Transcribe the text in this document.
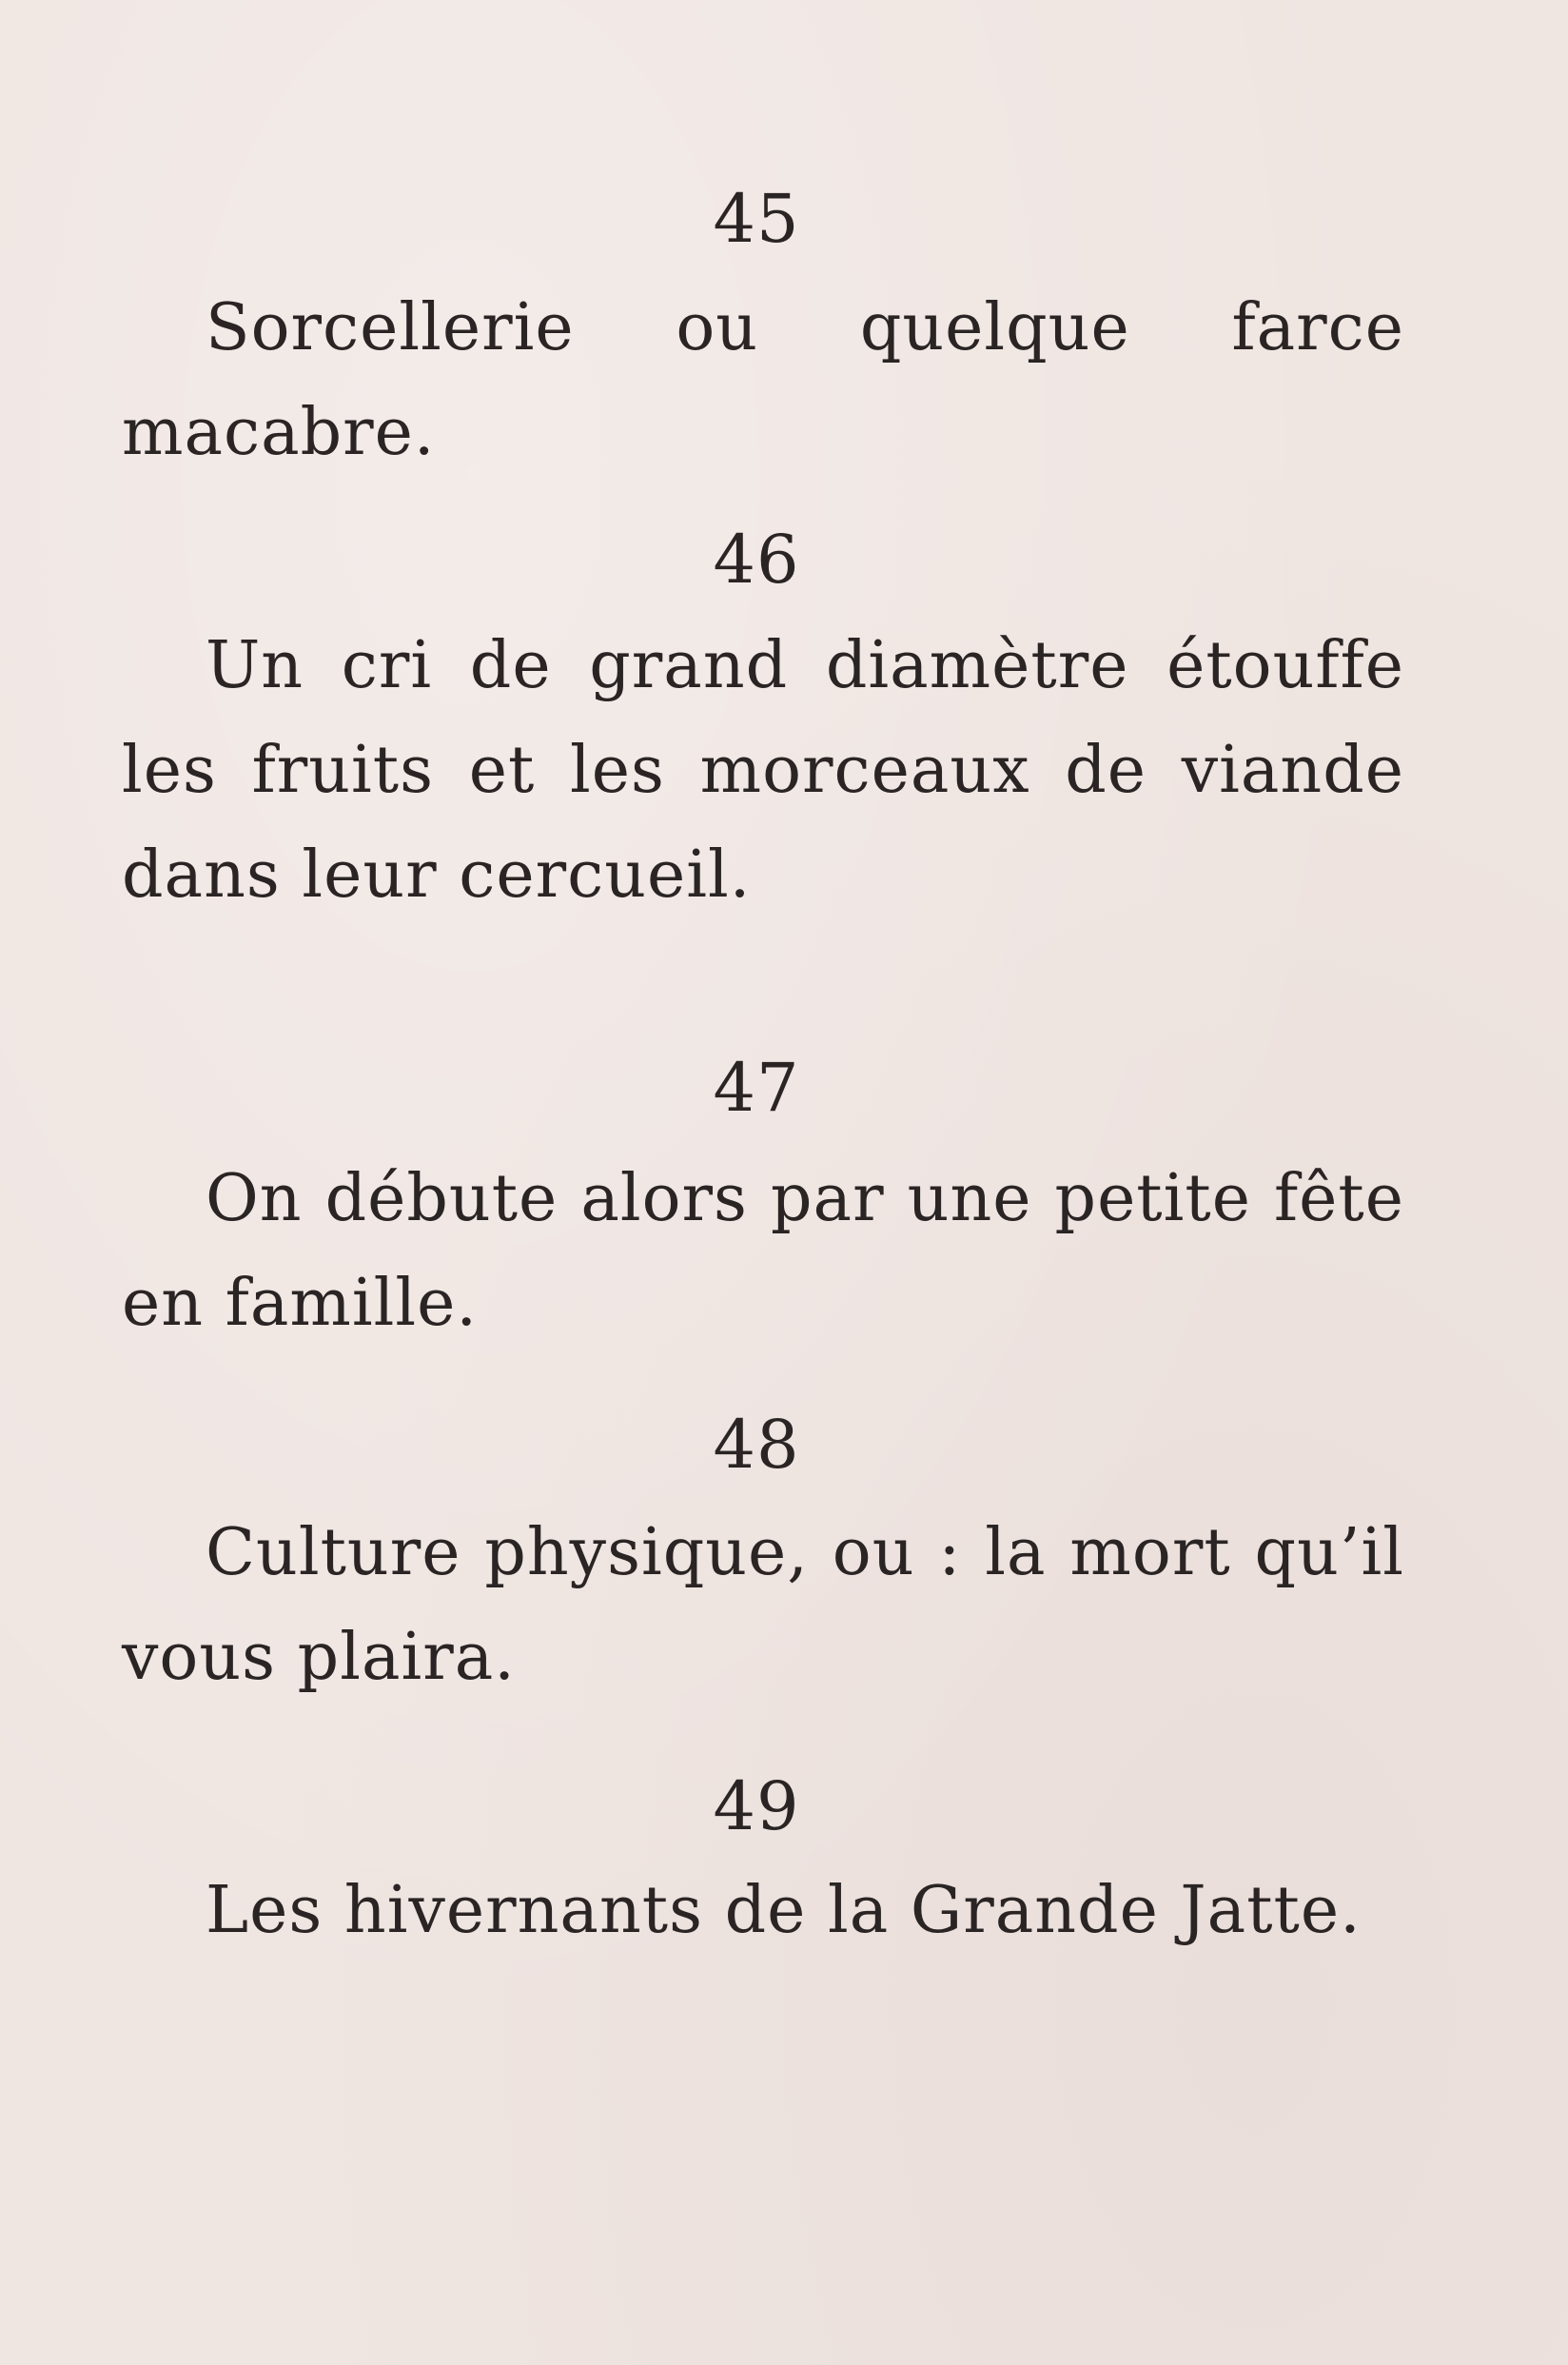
45
Sorcellerie ou quelque farce macabre.
46
Un cri de grand diamètre étouffe les fruits et les morceaux de viande dans leur cercueil.
47
On débute alors par une petite fête en famille.
48
Culture physique, ou : la mort qu’il vous plaira.
49
Les hivernants de la Grande Jatte.
